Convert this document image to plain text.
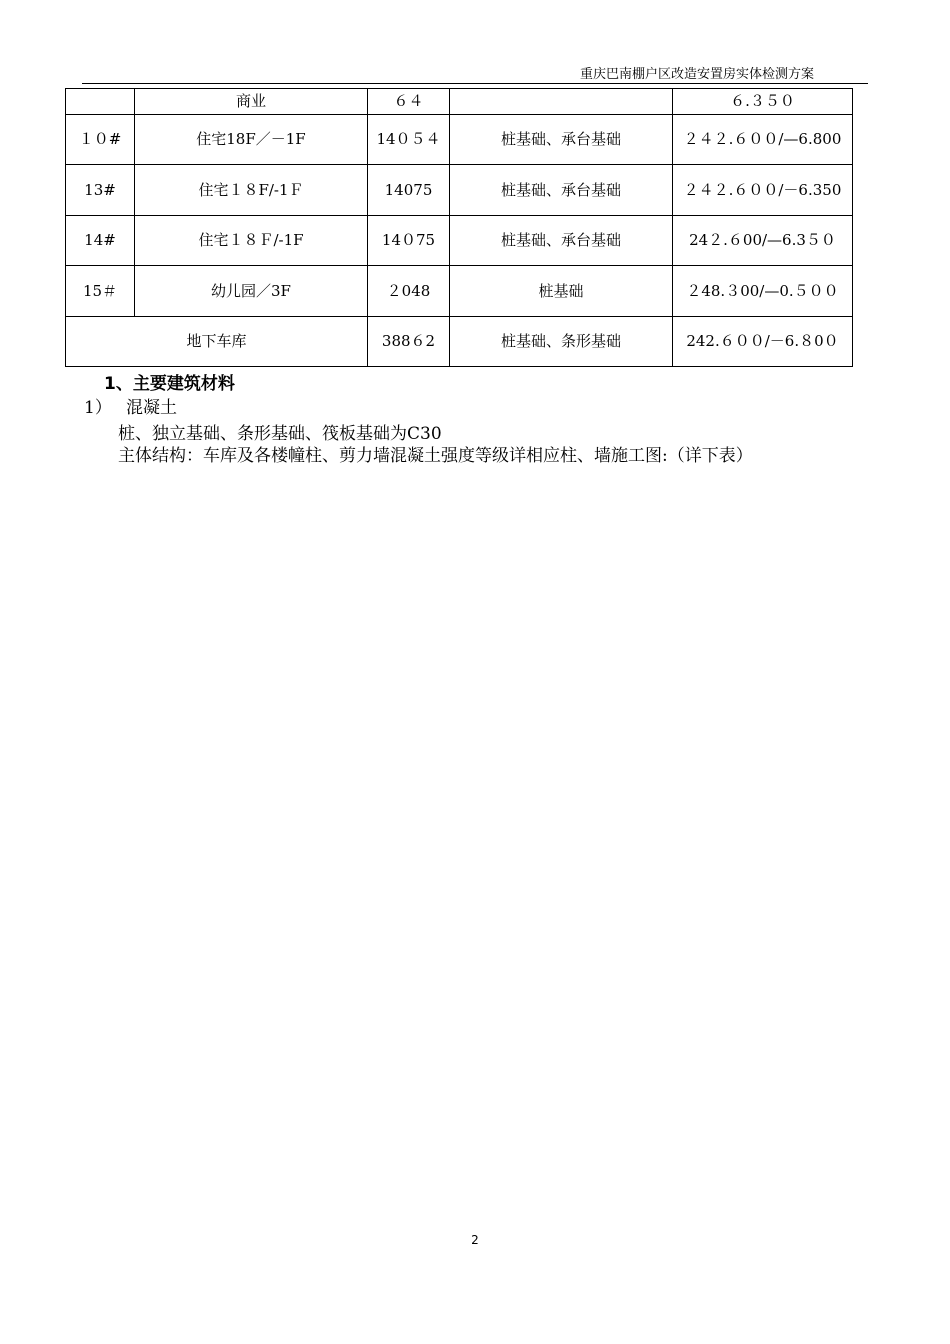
重庆巴南棚户区改造安置房实体检测方案
	商业	６４		６.３５０
１０#	住宅18F／－1F	14０５４	桩基础、承台基础	２４２.６００/—6.800
13#	住宅１８F/-1Ｆ	14075	桩基础、承台基础	２４２.６００/－6.350
14#	住宅１８Ｆ/-1F	14０75	桩基础、承台基础	24２.６00/—6.3５０
15＃	幼儿园／3F	２048	桩基础	２48.３00/—0.５００
地下车库		388６2	桩基础、条形基础	242.６００/－6.８0０
1、主要建筑材料
1） 混凝土
桩、独立基础、条形基础、筏板基础为C30
主体结构：车库及各楼幢柱、剪力墙混凝土强度等级详相应柱、墙施工图:（详下表）
2
